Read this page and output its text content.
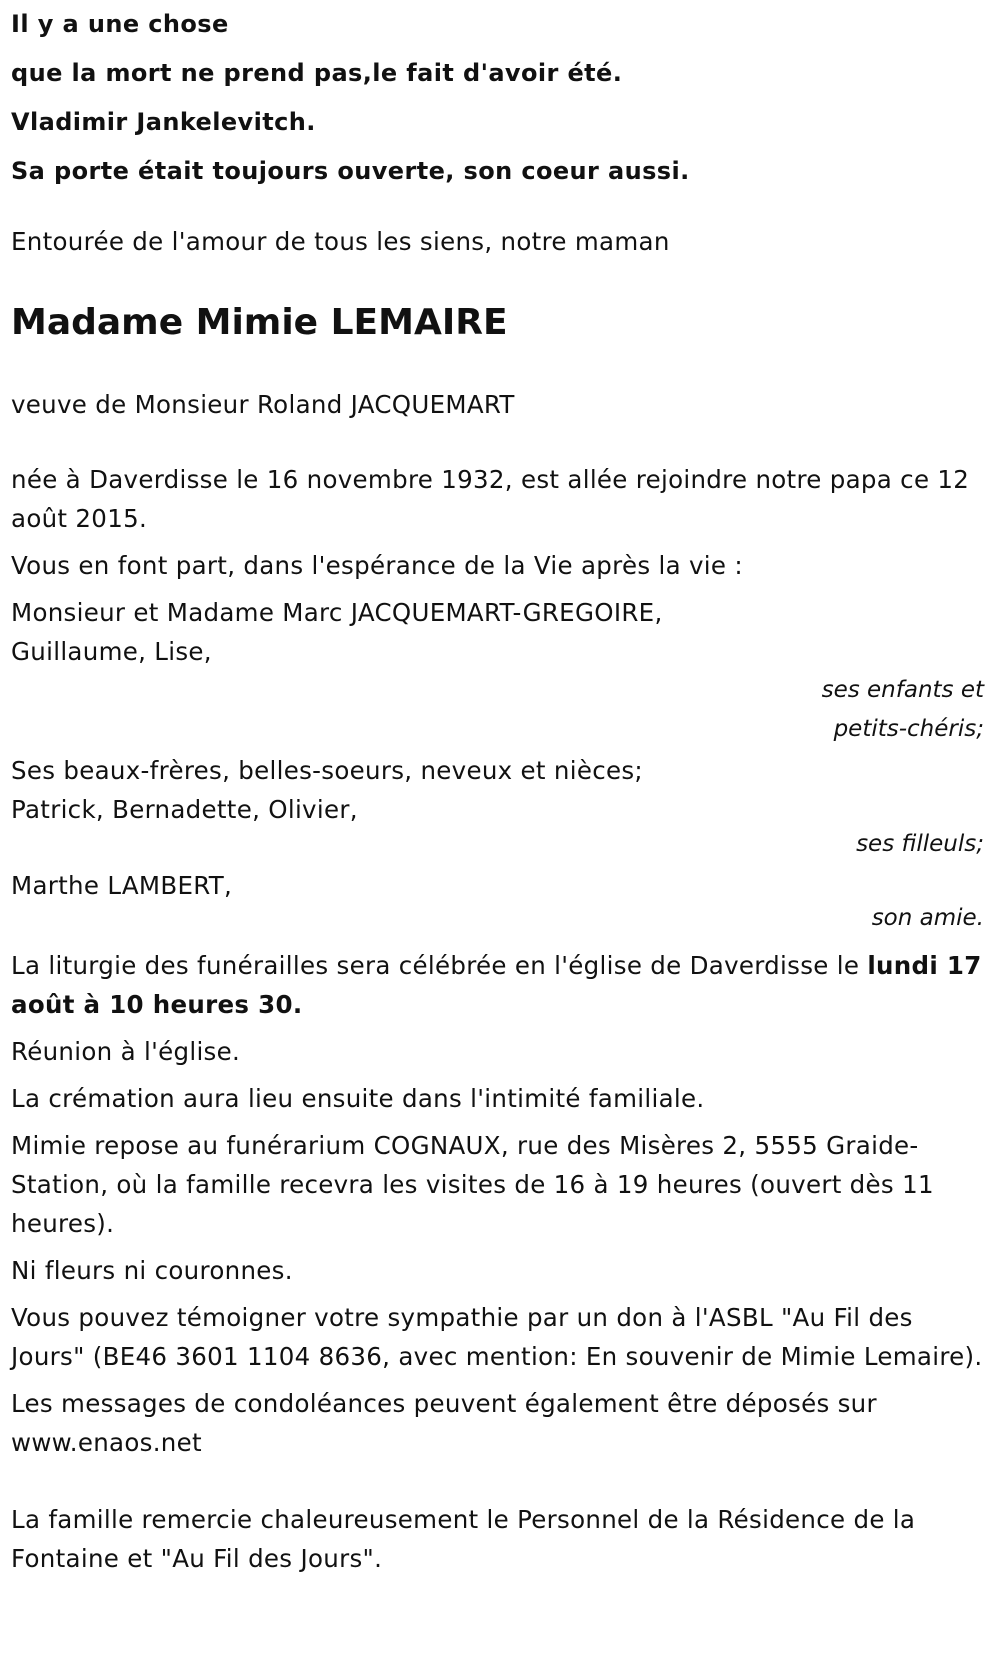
Il y a une chose

que la mort ne prend pas,le fait d'avoir été.

Vladimir Jankelevitch.

Sa porte était toujours ouverte, son coeur aussi.

Entourée de l'amour de tous les siens, notre maman

Madame Mimie LEMAIRE

veuve de Monsieur Roland JACQUEMART

née à Daverdisse le 16 novembre 1932, est allée rejoindre notre papa ce 12 août 2015.

Vous en font part, dans l'espérance de la Vie après la vie :

Monsieur et Madame Marc JACQUEMART-GREGOIRE,

Guillaume, Lise,

ses enfants et

petits-chéris;

Ses beaux-frères, belles-soeurs, neveux et nièces;

Patrick, Bernadette, Olivier,

ses filleuls;

Marthe LAMBERT,

son amie.

La liturgie des funérailles sera célébrée en l'église de Daverdisse le lundi 17 août à 10 heures 30.

Réunion à l'église.

La crémation aura lieu ensuite dans l'intimité familiale.

Mimie repose au funérarium COGNAUX, rue des Misères 2, 5555 Graide-Station, où la famille recevra les visites de 16 à 19 heures (ouvert dès 11 heures).

Ni fleurs ni couronnes.

Vous pouvez témoigner votre sympathie par un don à l'ASBL "Au Fil des Jours" (BE46 3601 1104 8636, avec mention: En souvenir de Mimie Lemaire).

Les messages de condoléances peuvent également être déposés sur www.enaos.net

La famille remercie chaleureusement le Personnel de la Résidence de la Fontaine et "Au Fil des Jours".
